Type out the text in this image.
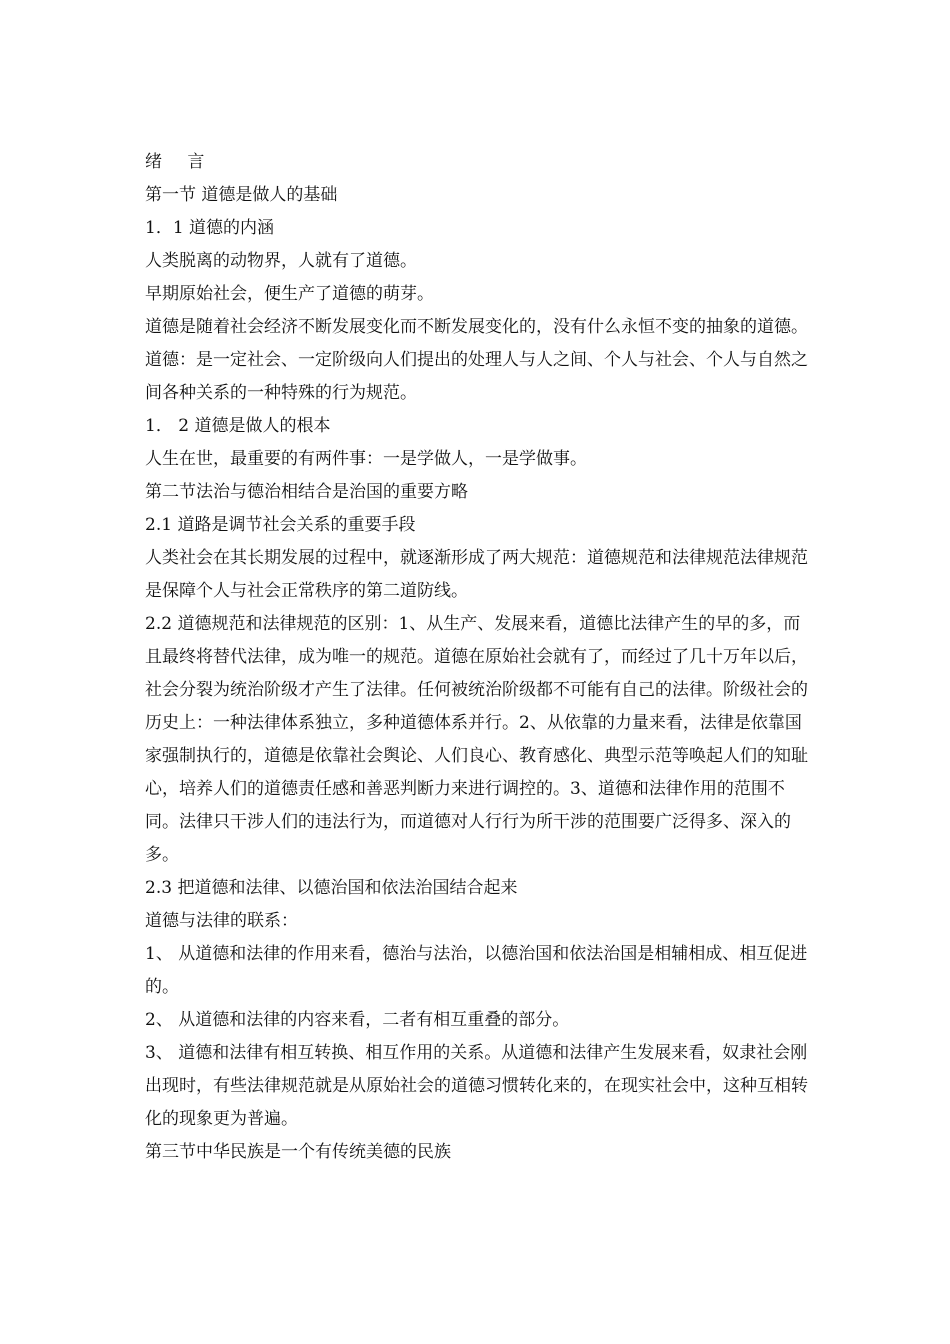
绪 言

第一节 道德是做人的基础

1．1 道德的内涵

人类脱离的动物界，人就有了道德。

早期原始社会，便生产了道德的萌芽。

道德是随着社会经济不断发展变化而不断发展变化的，没有什么永恒不变的抽象的道德。

道德：是一定社会、一定阶级向人们提出的处理人与人之间、个人与社会、个人与自然之间各种关系的一种特殊的行为规范。

1． 2 道德是做人的根本

人生在世，最重要的有两件事：一是学做人，一是学做事。

第二节法治与德治相结合是治国的重要方略

2.1 道路是调节社会关系的重要手段

人类社会在其长期发展的过程中，就逐渐形成了两大规范：道德规范和法律规范法律规范是保障个人与社会正常秩序的第二道防线。

2.2 道德规范和法律规范的区别：1、从生产、发展来看，道德比法律产生的早的多，而且最终将替代法律，成为唯一的规范。道德在原始社会就有了，而经过了几十万年以后，社会分裂为统治阶级才产生了法律。任何被统治阶级都不可能有自己的法律。阶级社会的历史上：一种法律体系独立，多种道德体系并行。2、从依靠的力量来看，法律是依靠国家强制执行的，道德是依靠社会舆论、人们良心、教育感化、典型示范等唤起人们的知耻心，培养人们的道德责任感和善恶判断力来进行调控的。3、道德和法律作用的范围不同。法律只干涉人们的违法行为，而道德对人行行为所干涉的范围要广泛得多、深入的多。

2.3 把道德和法律、以德治国和依法治国结合起来

道德与法律的联系：

1、 从道德和法律的作用来看，德治与法治，以德治国和依法治国是相辅相成、相互促进的。

2、 从道德和法律的内容来看，二者有相互重叠的部分。

3、 道德和法律有相互转换、相互作用的关系。从道德和法律产生发展来看，奴隶社会刚出现时，有些法律规范就是从原始社会的道德习惯转化来的，在现实社会中，这种互相转化的现象更为普遍。

第三节中华民族是一个有传统美德的民族
